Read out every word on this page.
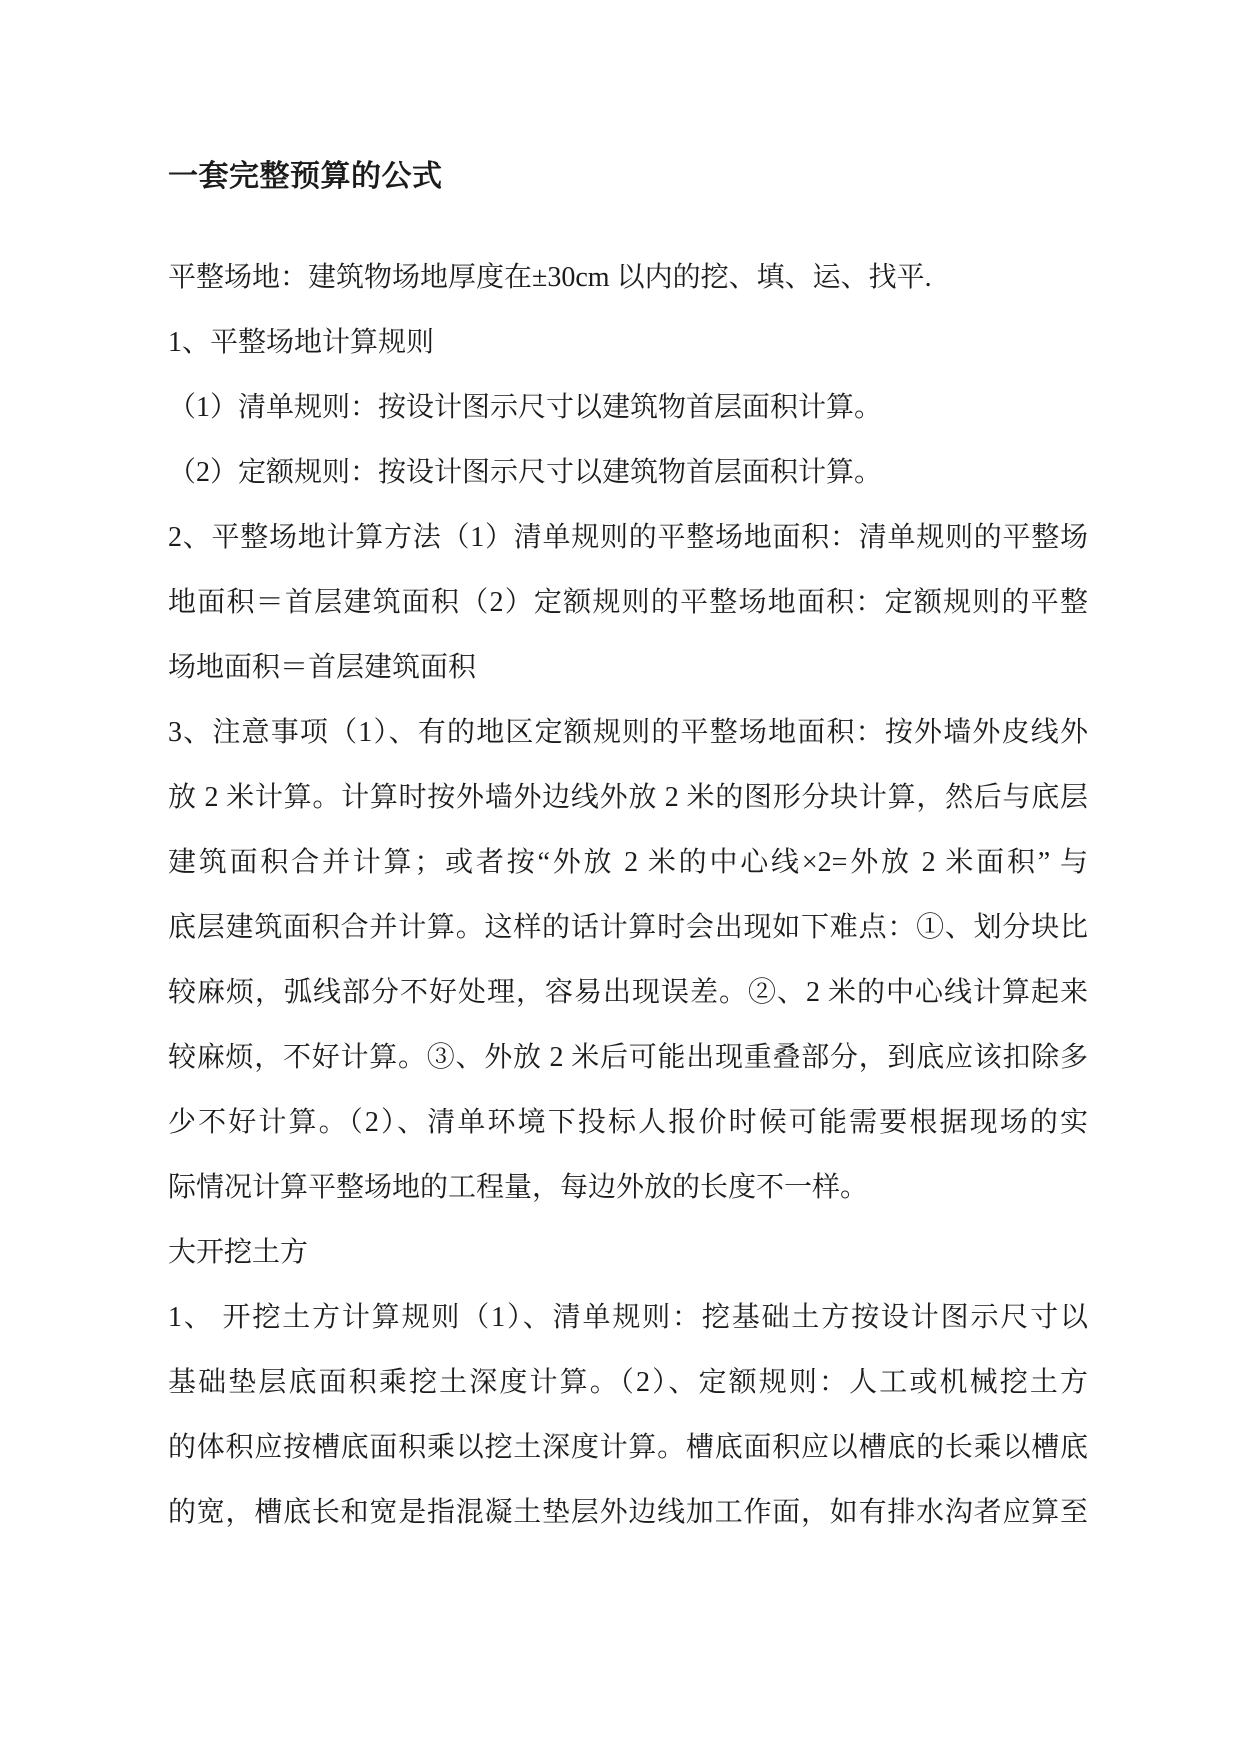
一套完整预算的公式
平整场地：建筑物场地厚度在±30cm 以内的挖、填、运、找平.
1、平整场地计算规则
（1）清单规则：按设计图示尺寸以建筑物首层面积计算。
（2）定额规则：按设计图示尺寸以建筑物首层面积计算。
2、平整场地计算方法（1）清单规则的平整场地面积：清单规则的平整场
地面积＝首层建筑面积（2）定额规则的平整场地面积：定额规则的平整
场地面积＝首层建筑面积
3、注意事项（1）、有的地区定额规则的平整场地面积：按外墙外皮线外
放 2 米计算。计算时按外墙外边线外放 2 米的图形分块计算，然后与底层
建筑面积合并计算；或者按“外放 2 米的中心线×2=外放 2 米面积” 与
底层建筑面积合并计算。这样的话计算时会出现如下难点：①、划分块比
较麻烦，弧线部分不好处理，容易出现误差。②、2 米的中心线计算起来
较麻烦，不好计算。③、外放 2 米后可能出现重叠部分，到底应该扣除多
少不好计算。（2）、清单环境下投标人报价时候可能需要根据现场的实
际情况计算平整场地的工程量，每边外放的长度不一样。
大开挖土方
1、 开挖土方计算规则（1）、清单规则：挖基础土方按设计图示尺寸以
基础垫层底面积乘挖土深度计算。（2）、定额规则：人工或机械挖土方
的体积应按槽底面积乘以挖土深度计算。槽底面积应以槽底的长乘以槽底
的宽，槽底长和宽是指混凝土垫层外边线加工作面，如有排水沟者应算至
